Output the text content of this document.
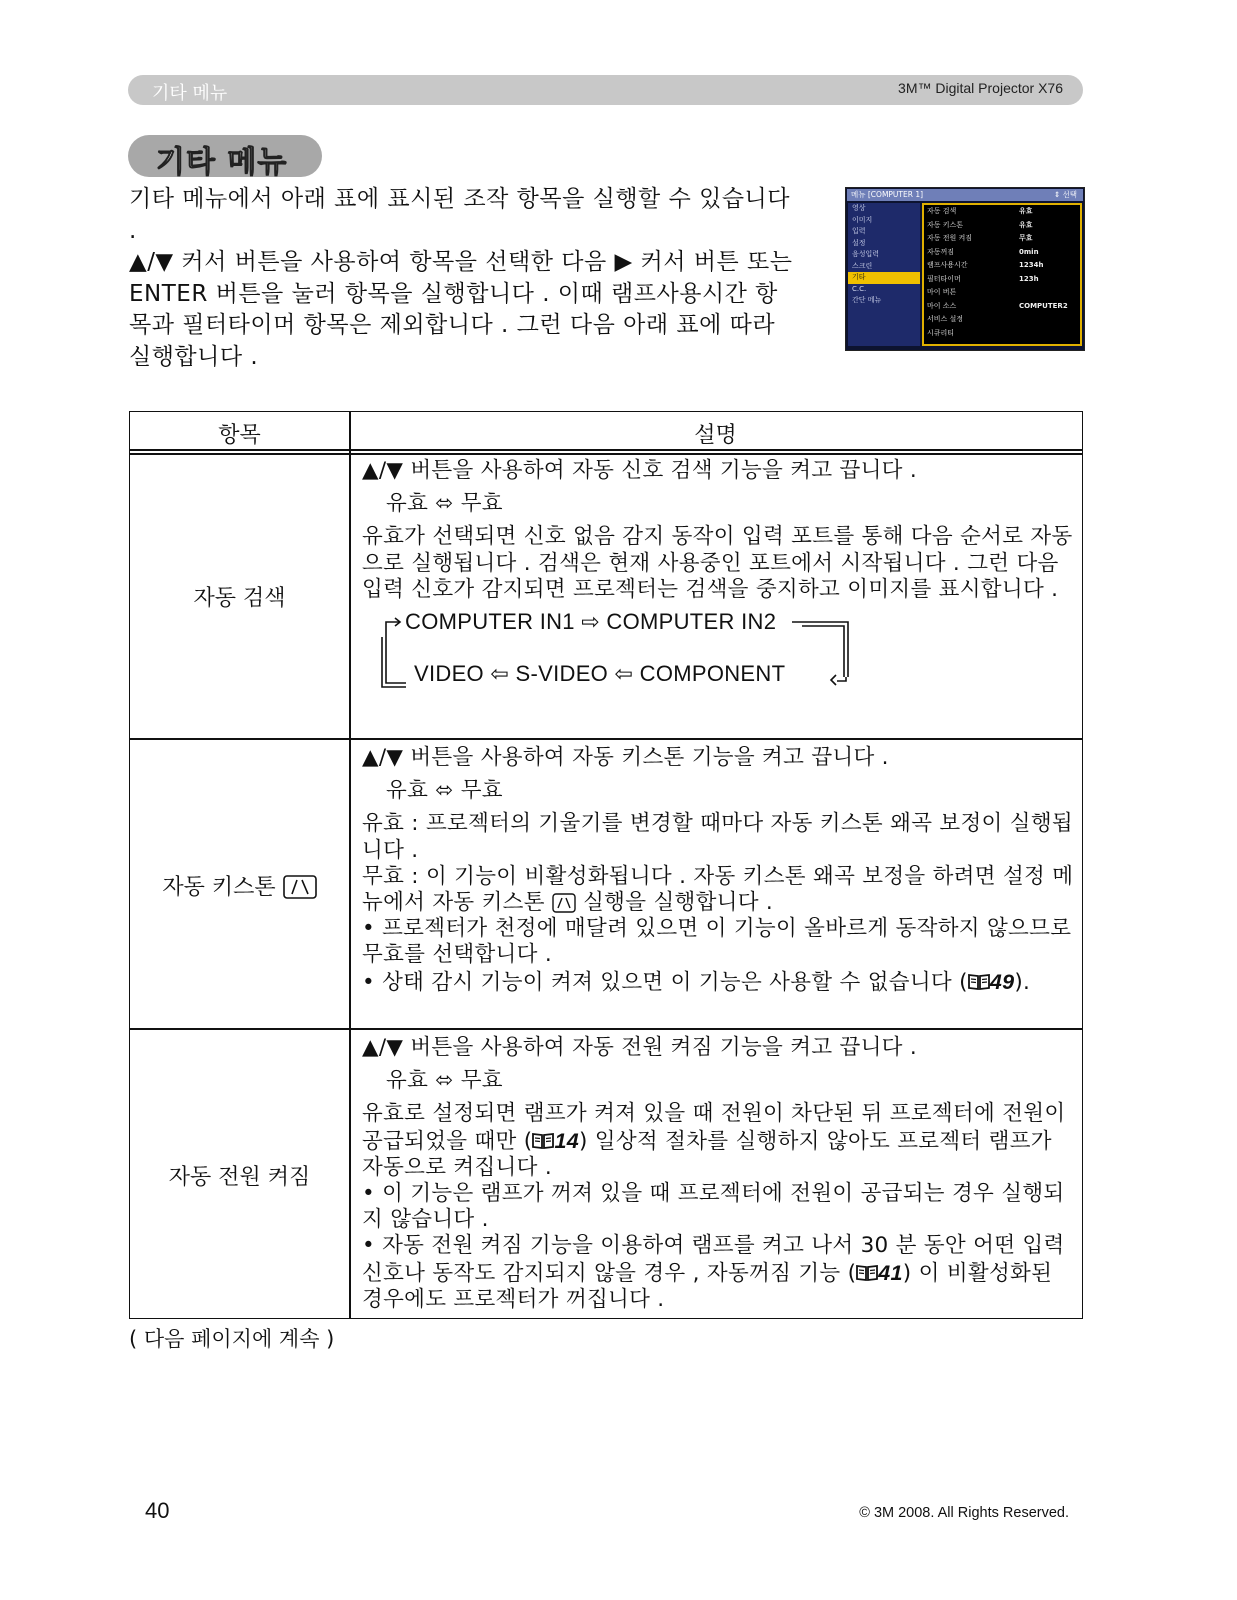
기타 메뉴	3M™ Digital Projector X76
기타 메뉴

기타 메뉴에서 아래 표에 표시된 조작 항목을 실행할 수 있습니다 .

▲/▼ 커서 버튼을 사용하여 항목을 선택한 다음 ▶ 커서 버튼 또는 ENTER 버튼을 눌러 항목을 실행합니다 . 이때 램프사용시간 항목과 필터타이머 항목은 제외합니다 . 그런 다음 아래 표에 따라 실행합니다 .

메뉴 [COMPUTER 1]	⇕ 선택
영상
이미지
입력
설정
음성입력
스크린
기타
C.C.
간단 메뉴
자동 검색	유효
자동 키스톤	유효
자동 전원 켜짐	무효
자동꺼짐	0min
램프사용시간	1234h
필터타이머	123h
마이 버튼
마이 소스	COMPUTER2
서비스 설정
시큐리티
항목	설명
자동 검색

▲/▼ 버튼을 사용하여 자동 신호 검색 기능을 켜고 끕니다 .

유효 ⬄ 무효

유효가 선택되면 신호 없음 감지 동작이 입력 포트를 통해 다음 순서로 자동으로 실행됩니다 . 검색은 현재 사용중인 포트에서 시작됩니다 . 그런 다음 입력 신호가 감지되면 프로젝터는 검색을 중지하고 이미지를 표시합니다 .

COMPUTER IN1 ⇨ COMPUTER IN2
VIDEO ⇦ S-VIDEO ⇦ COMPONENT
자동 키스톤

▲/▼ 버튼을 사용하여 자동 키스톤 기능을 켜고 끕니다 .

유효 ⬄ 무효

유효 : 프로젝터의 기울기를 변경할 때마다 자동 키스톤 왜곡 보정이 실행됩니다 .

무효 : 이 기능이 비활성화됩니다 . 자동 키스톤 왜곡 보정을 하려면 설정 메뉴에서 자동 키스톤 실행을 실행합니다 .

• 프로젝터가 천정에 매달려 있으면 이 기능이 올바르게 동작하지 않으므로 무효를 선택합니다 .

• 상태 감시 기능이 켜져 있으면 이 기능은 사용할 수 없습니다 ( 49).

자동 전원 켜짐

▲/▼ 버튼을 사용하여 자동 전원 켜짐 기능을 켜고 끕니다 .

유효 ⬄ 무효

유효로 설정되면 램프가 켜져 있을 때 전원이 차단된 뒤 프로젝터에 전원이 공급되었을 때만 ( 14) 일상적 절차를 실행하지 않아도 프로젝터 램프가 자동으로 켜집니다 .

• 이 기능은 램프가 꺼져 있을 때 프로젝터에 전원이 공급되는 경우 실행되지 않습니다 .

• 자동 전원 켜짐 기능을 이용하여 램프를 켜고 나서 30 분 동안 어떤 입력 신호나 동작도 감지되지 않을 경우 , 자동꺼짐 기능 ( 41) 이 비활성화된 경우에도 프로젝터가 꺼집니다 .

( 다음 페이지에 계속 )
40	© 3M 2008. All Rights Reserved.
